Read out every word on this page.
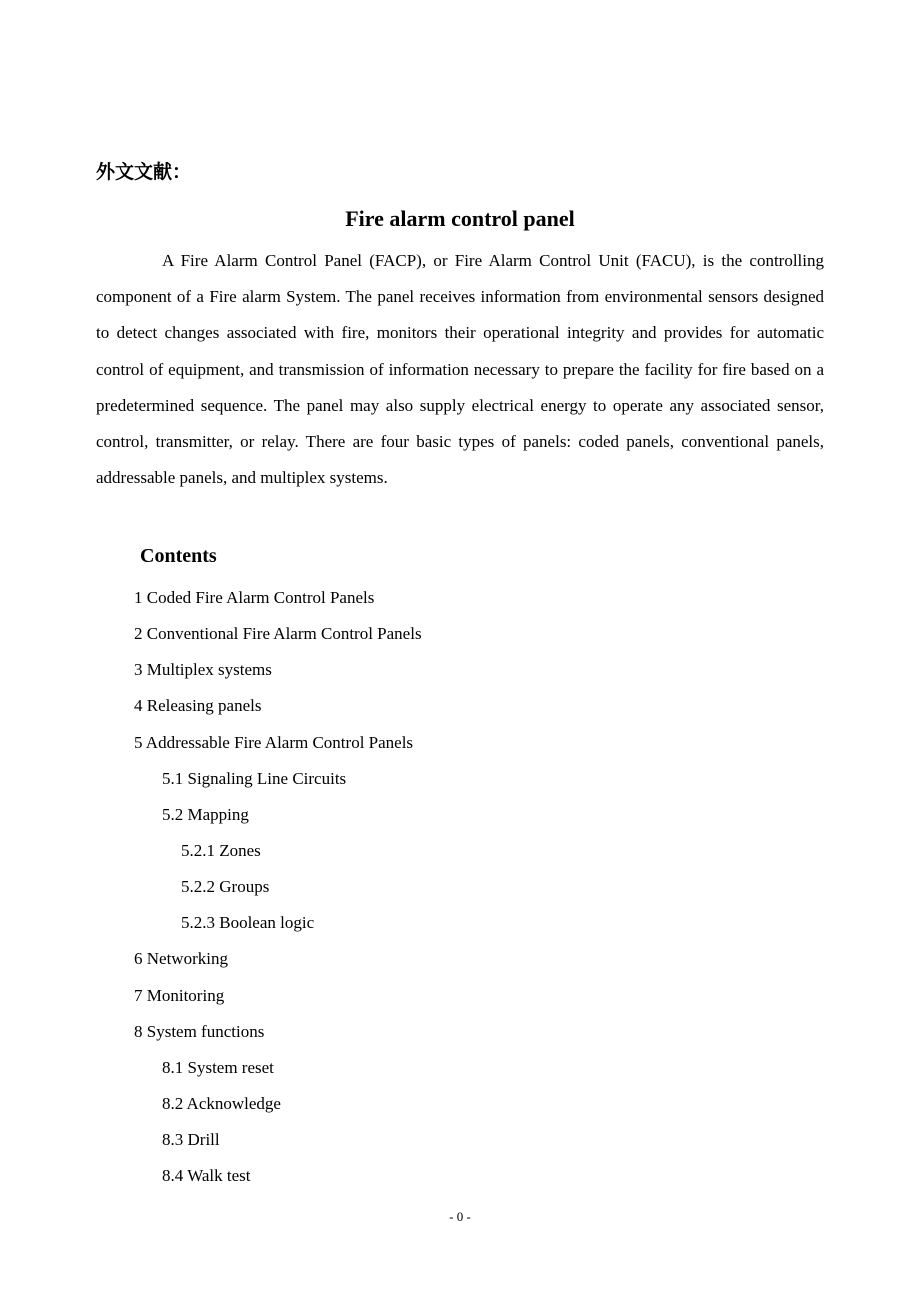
外文文献：
Fire alarm control panel

A Fire Alarm Control Panel (FACP), or Fire Alarm Control Unit (FACU), is the controlling component of a Fire alarm System. The panel receives information from environmental sensors designed to detect changes associated with fire, monitors their operational integrity and provides for automatic control of equipment, and transmission of information necessary to prepare the facility for fire based on a predetermined sequence. The panel may also supply electrical energy to operate any associated sensor, control, transmitter, or relay. There are four basic types of panels: coded panels, conventional panels, addressable panels, and multiplex systems.

Contents
1 Coded Fire Alarm Control Panels
2 Conventional Fire Alarm Control Panels
3 Multiplex systems
4 Releasing panels
5 Addressable Fire Alarm Control Panels
5.1 Signaling Line Circuits
5.2 Mapping
5.2.1 Zones
5.2.2 Groups
5.2.3 Boolean logic
6 Networking
7 Monitoring
8 System functions
8.1 System reset
8.2 Acknowledge
8.3 Drill
8.4 Walk test
- 0 -
